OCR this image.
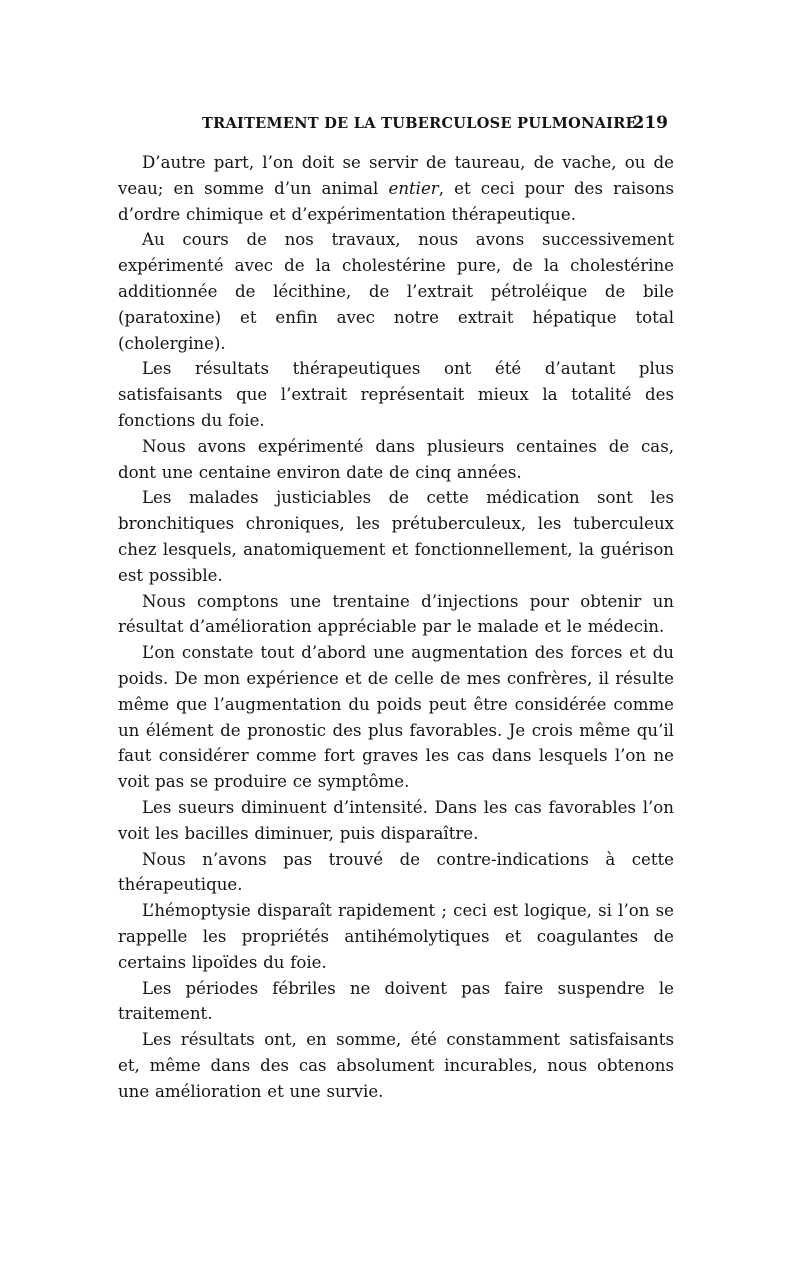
TRAITEMENT DE LA TUBERCULOSE PULMONAIRE
219

D’autre part, l’on doit se servir de taureau, de vache, ou de veau; en somme d’un animal entier, et ceci pour des raisons d’ordre chimique et d’expérimentation thérapeutique.

Au cours de nos travaux, nous avons successivement expérimenté avec de la cholestérine pure, de la cholestérine additionnée de lécithine, de l’extrait pétroléique de bile (paratoxine) et enfin avec notre extrait hépatique total (cholergine).

Les résultats thérapeutiques ont été d’autant plus satisfaisants que l’extrait représentait mieux la totalité des fonctions du foie.

Nous avons expérimenté dans plusieurs centaines de cas, dont une centaine environ date de cinq années.

Les malades justiciables de cette médication sont les bronchitiques chroniques, les prétuberculeux, les tuberculeux chez lesquels, anatomiquement et fonctionnellement, la guérison est possible.

Nous comptons une trentaine d’injections pour obtenir un résultat d’amélioration appréciable par le malade et le médecin.

L’on constate tout d’abord une augmentation des forces et du poids. De mon expérience et de celle de mes confrères, il résulte même que l’augmentation du poids peut être considérée comme un élément de pronostic des plus favorables. Je crois même qu’il faut considérer comme fort graves les cas dans lesquels l’on ne voit pas se produire ce symptôme.

Les sueurs diminuent d’intensité. Dans les cas favorables l’on voit les bacilles diminuer, puis disparaître.

Nous n’avons pas trouvé de contre-indications à cette thérapeutique.

L’hémoptysie disparaît rapidement ; ceci est logique, si l’on se rappelle les propriétés antihémolytiques et coagulantes de certains lipoïdes du foie.

Les périodes fébriles ne doivent pas faire suspendre le traitement.

Les résultats ont, en somme, été constamment satisfaisants et, même dans des cas absolument incurables, nous obtenons une amélioration et une survie.
